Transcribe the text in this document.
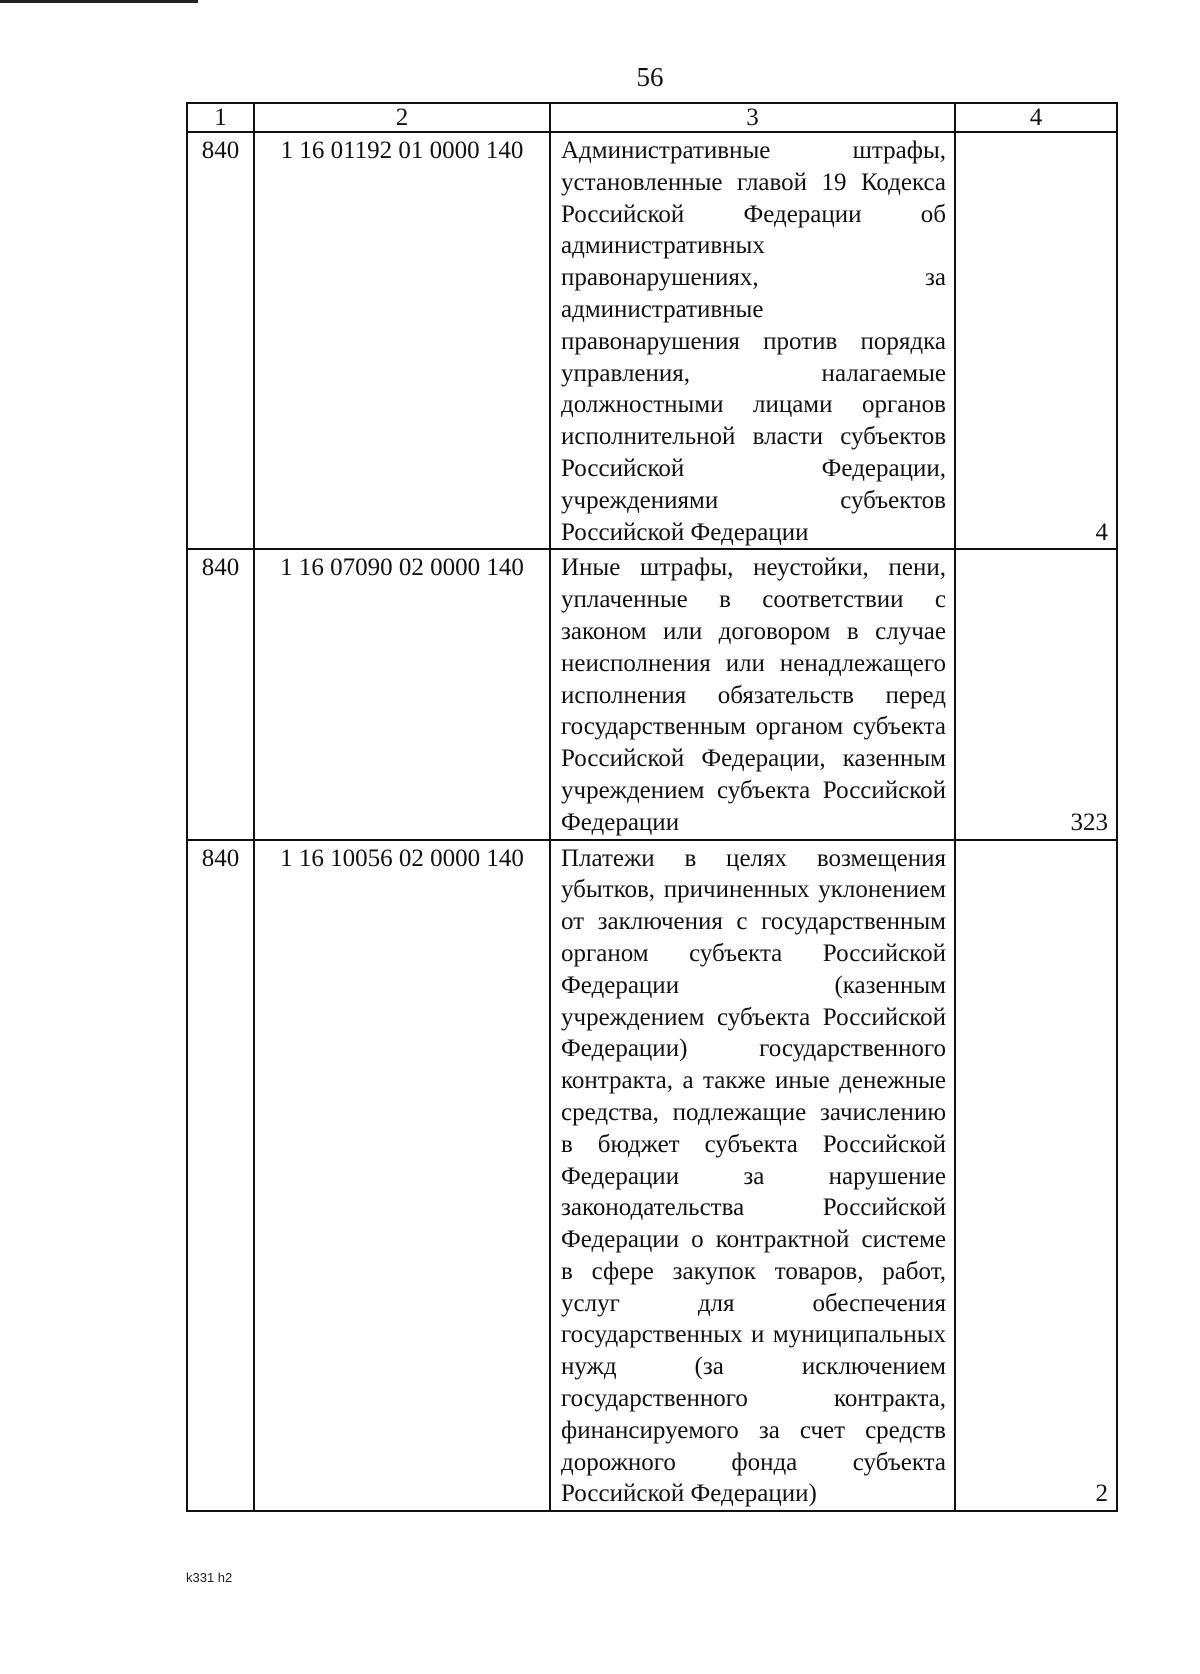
56
1	2	3	4
840	1 16 01192 01 0000 140	Административные штрафы, установленные главой 19 Кодекса Российской Федерации об административных правонарушениях, за административные правонарушения против порядка управления, налагаемые должностными лицами органов исполнительной власти субъектов Российской Федерации, учреждениями субъектов Российской Федерации	4
840	1 16 07090 02 0000 140	Иные штрафы, неустойки, пени, уплаченные в соответствии с законом или договором в случае неисполнения или ненадлежащего исполнения обязательств перед государственным органом субъекта Российской Федерации, казенным учреждением субъекта Российской Федерации	323
840	1 16 10056 02 0000 140	Платежи в целях возмещения убытков, причиненных уклонением от заключения с государственным органом субъекта Российской Федерации (казенным учреждением субъекта Российской Федерации) государственного контракта, а также иные денежные средства, подлежащие зачислению в бюджет субъекта Российской Федерации за нарушение законодательства Российской Федерации о контрактной системе в сфере закупок товаров, работ, услуг для обеспечения государственных и муниципальных нужд (за исключением государственного контракта, финансируемого за счет средств дорожного фонда субъекта Российской Федерации)	2
k331 h2
